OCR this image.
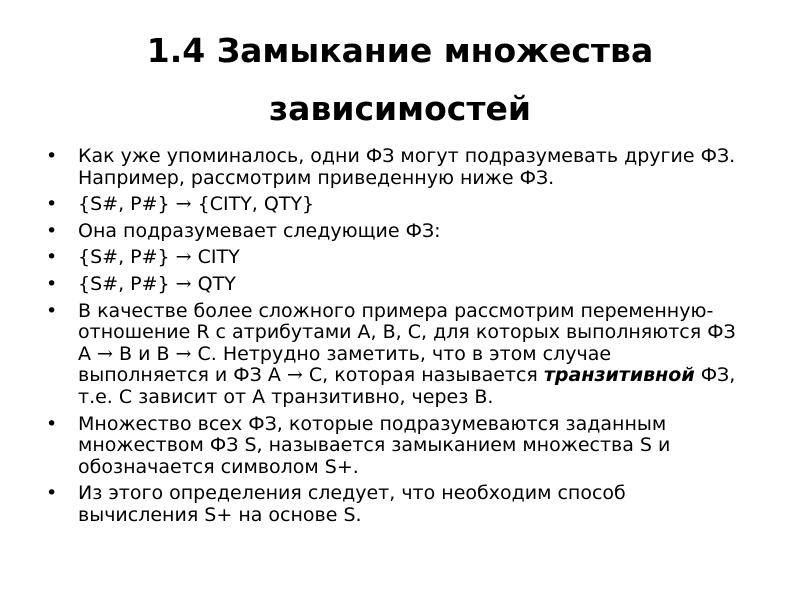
1.4 Замыкание множества
зависимостей
• Как уже упоминалось, одни ФЗ могут подразумевать другие ФЗ. Например, рассмотрим приведенную ниже ФЗ.
• {S#, P#} → {CITY, QTY}
• Она подразумевает следующие ФЗ:
• {S#, P#} → CITY
• {S#, P#} → QTY
• В качестве более сложного примера рассмотрим переменную-отношение R с атрибутами A, B, C, для которых выполняются ФЗ A → B и B → C. Нетрудно заметить, что в этом случае выполняется и ФЗ A → C, которая называется транзитивной ФЗ, т.е. C зависит от A транзитивно, через B.
• Множество всех ФЗ, которые подразумеваются заданным множеством ФЗ S, называется замыканием множества S и обозначается символом S+.
• Из этого определения следует, что необходим способ вычисления S+ на основе S.
